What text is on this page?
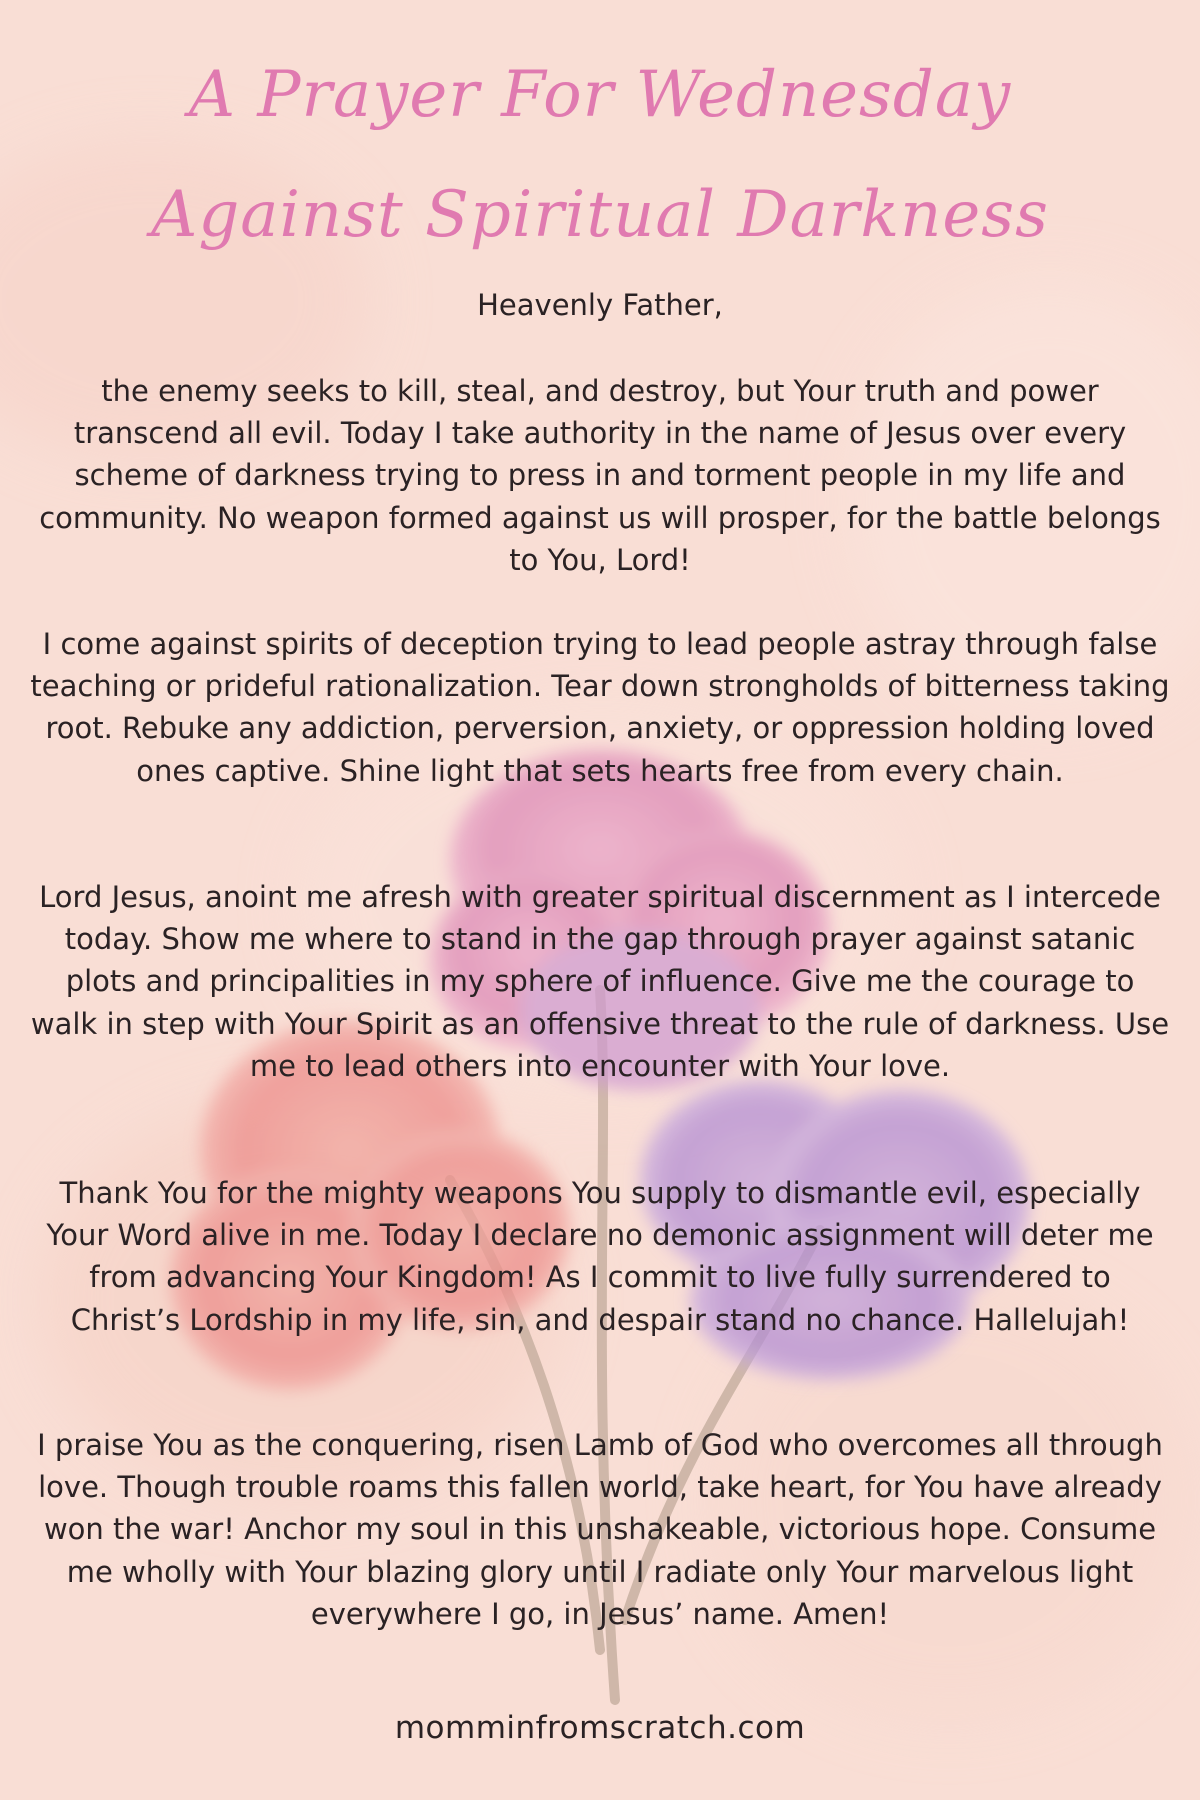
A Prayer For Wednesday
Against Spiritual Darkness
Heavenly Father,

the enemy seeks to kill, steal, and destroy, but Your truth and power transcend all evil. Today I take authority in the name of Jesus over every scheme of darkness trying to press in and torment people in my life and community. No weapon formed against us will prosper, for the battle belongs to You, Lord!

I come against spirits of deception trying to lead people astray through false teaching or prideful rationalization. Tear down strongholds of bitterness taking root. Rebuke any addiction, perversion, anxiety, or oppression holding loved ones captive. Shine light that sets hearts free from every chain.

Lord Jesus, anoint me afresh with greater spiritual discernment as I intercede today. Show me where to stand in the gap through prayer against satanic plots and principalities in my sphere of influence. Give me the courage to walk in step with Your Spirit as an offensive threat to the rule of darkness. Use me to lead others into encounter with Your love.

Thank You for the mighty weapons You supply to dismantle evil, especially Your Word alive in me. Today I declare no demonic assignment will deter me from advancing Your Kingdom! As I commit to live fully surrendered to Christ’s Lordship in my life, sin, and despair stand no chance. Hallelujah!

I praise You as the conquering, risen Lamb of God who overcomes all through love. Though trouble roams this fallen world, take heart, for You have already won the war! Anchor my soul in this unshakeable, victorious hope. Consume me wholly with Your blazing glory until I radiate only Your marvelous light everywhere I go, in Jesus’ name. Amen!

momminfromscratch.com
